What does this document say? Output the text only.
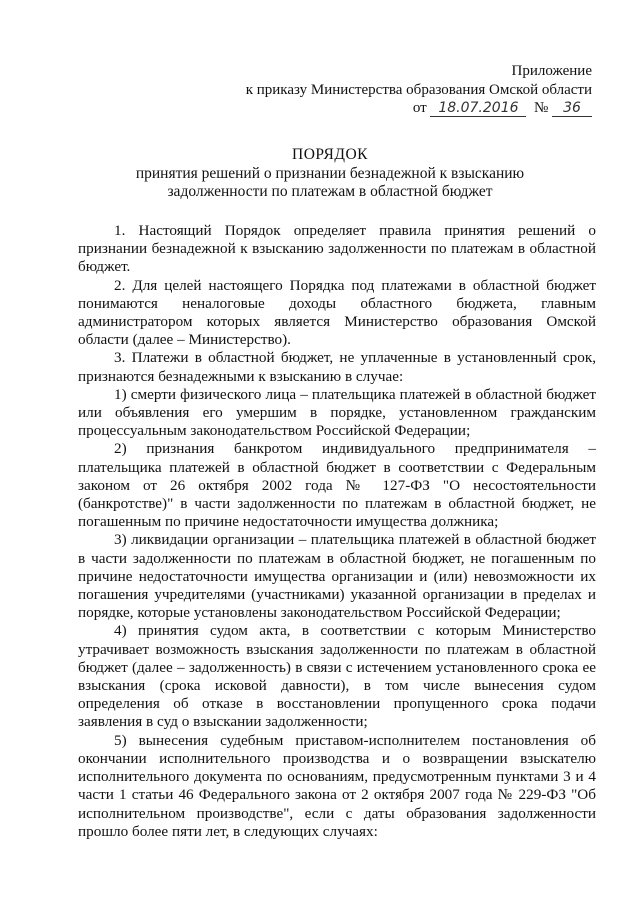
Приложение
к приказу Министерства образования Омской области
от 18.07.2016 № 36
ПОРЯДОК
принятия решений о признании безнадежной к взысканию
задолженности по платежам в областной бюджет

1. Настоящий Порядок определяет правила принятия решений о признании безнадежной к взысканию задолженности по платежам в областной бюджет.

2. Для целей настоящего Порядка под платежами в областной бюджет понимаются неналоговые доходы областного бюджета, главным администратором которых является Министерство образования Омской области (далее – Министерство).

3. Платежи в областной бюджет, не уплаченные в установленный срок, признаются безнадежными к взысканию в случае:

1) смерти физического лица – плательщика платежей в областной бюджет или объявления его умершим в порядке, установленном гражданским процессуальным законодательством Российской Федерации;

2) признания банкротом индивидуального предпринимателя – плательщика платежей в областной бюджет в соответствии с Федеральным законом от 26 октября 2002 года № 127-ФЗ "О несостоятельности (банкротстве)" в части задолженности по платежам в областной бюджет, не погашенным по причине недостаточности имущества должника;

3) ликвидации организации – плательщика платежей в областной бюджет в части задолженности по платежам в областной бюджет, не погашенным по причине недостаточности имущества организации и (или) невозможности их погашения учредителями (участниками) указанной организации в пределах и порядке, которые установлены законодательством Российской Федерации;

4) принятия судом акта, в соответствии с которым Министерство утрачивает возможность взыскания задолженности по платежам в областной бюджет (далее – задолженность) в связи с истечением установленного срока ее взыскания (срока исковой давности), в том числе вынесения судом определения об отказе в восстановлении пропущенного срока подачи заявления в суд о взыскании задолженности;

5) вынесения судебным приставом-исполнителем постановления об окончании исполнительного производства и о возвращении взыскателю исполнительного документа по основаниям, предусмотренным пунктами 3 и 4 части 1 статьи 46 Федерального закона от 2 октября 2007 года № 229-ФЗ "Об исполнительном производстве", если с даты образования задолженности прошло более пяти лет, в следующих случаях:
